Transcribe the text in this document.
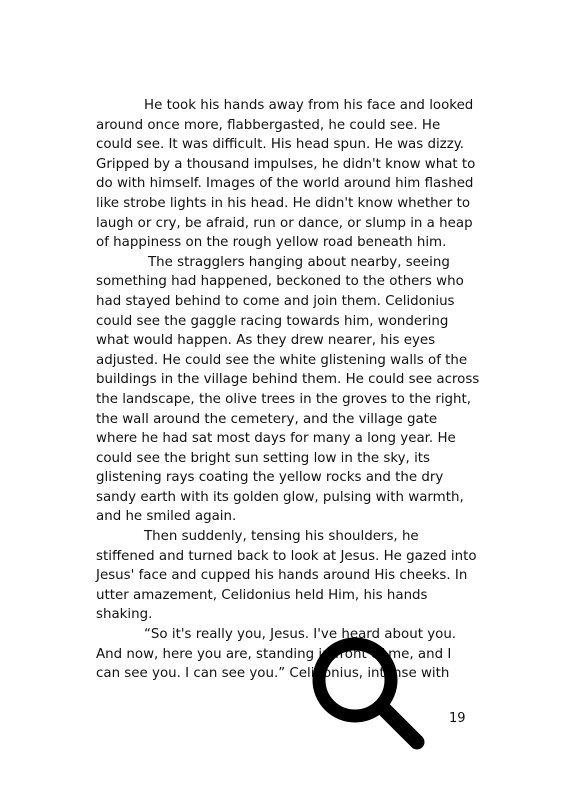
He took his hands away from his face and looked
around once more, flabbergasted, he could see. He
could see. It was difficult. His head spun. He was dizzy.
Gripped by a thousand impulses, he didn't know what to
do with himself. Images of the world around him flashed
like strobe lights in his head. He didn't know whether to
laugh or cry, be afraid, run or dance, or slump in a heap
of happiness on the rough yellow road beneath him.
The stragglers hanging about nearby, seeing
something had happened, beckoned to the others who
had stayed behind to come and join them. Celidonius
could see the gaggle racing towards him, wondering
what would happen. As they drew nearer, his eyes
adjusted. He could see the white glistening walls of the
buildings in the village behind them. He could see across
the landscape, the olive trees in the groves to the right,
the wall around the cemetery, and the village gate
where he had sat most days for many a long year. He
could see the bright sun setting low in the sky, its
glistening rays coating the yellow rocks and the dry
sandy earth with its golden glow, pulsing with warmth,
and he smiled again.
Then suddenly, tensing his shoulders, he
stiffened and turned back to look at Jesus. He gazed into
Jesus' face and cupped his hands around His cheeks. In
utter amazement, Celidonius held Him, his hands
shaking.
“So it's really you, Jesus. I've heard about you.
And now, here you are, standing in front of me, and I
can see you. I can see you.” Celidonius, intense with
19
